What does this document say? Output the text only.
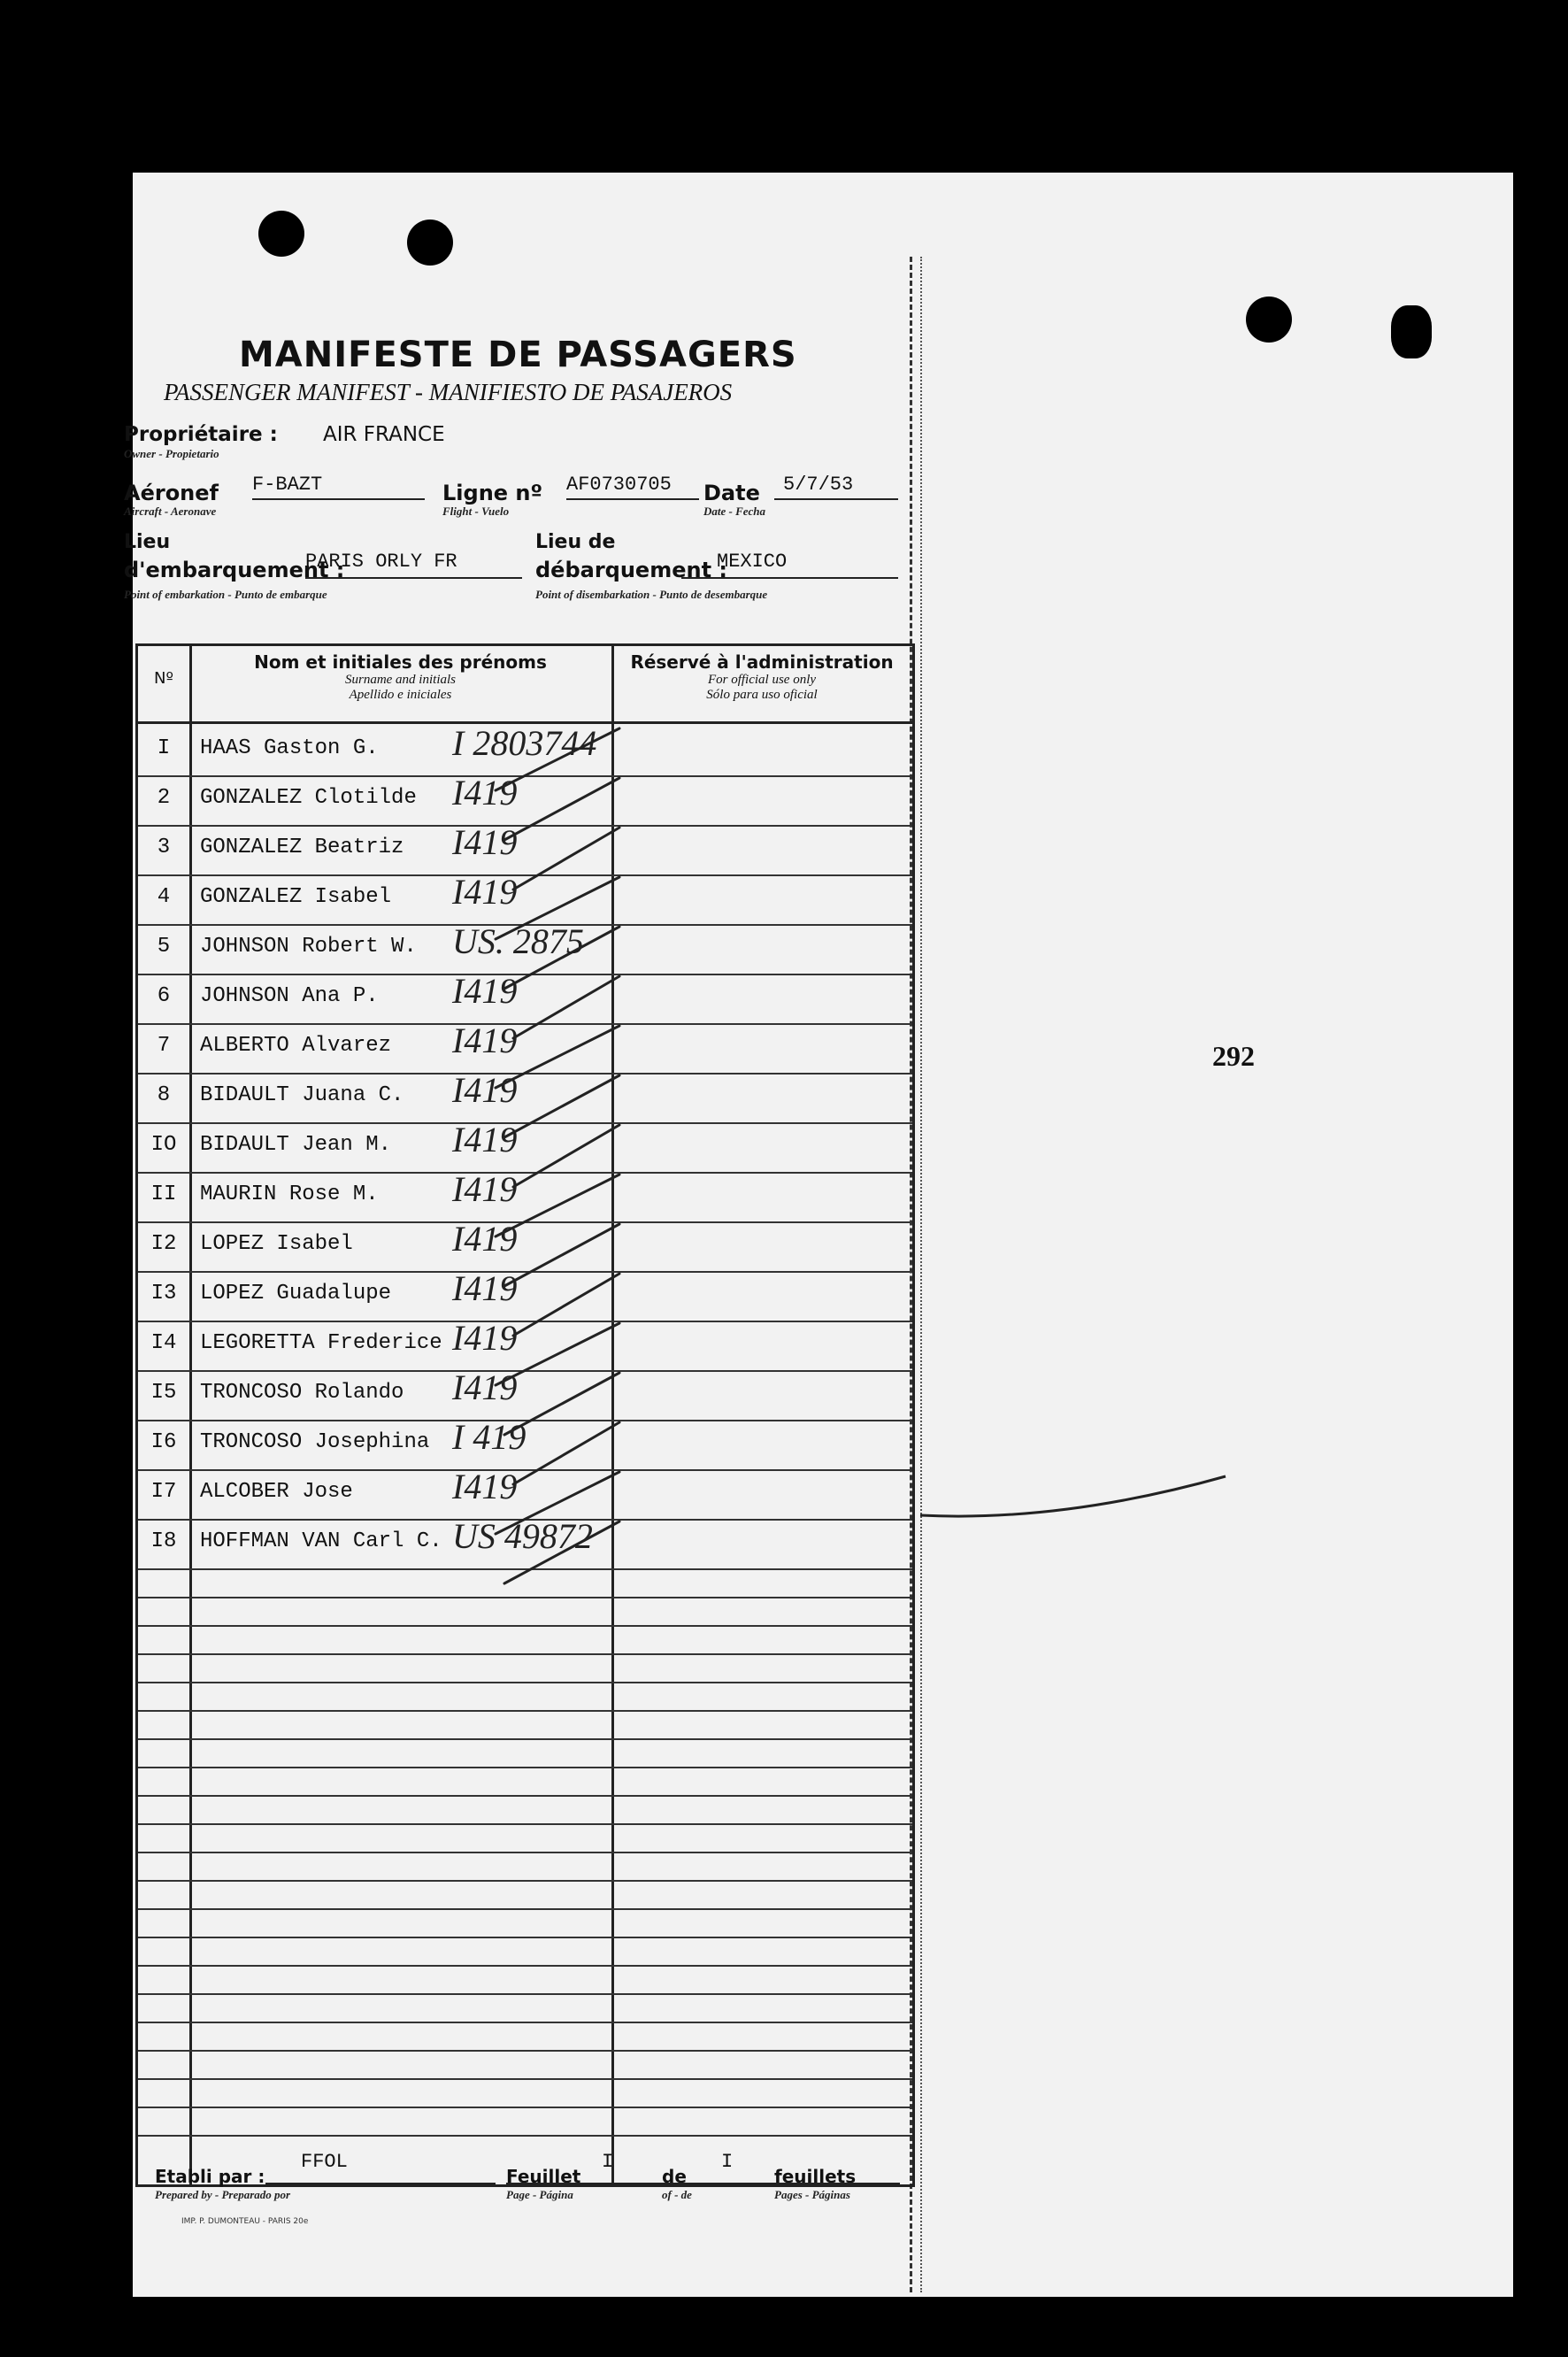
MANIFESTE DE PASSAGERS
PASSENGER MANIFEST - MANIFIESTO DE PASAJEROS
Propriétaire :
Owner - Propietario
AIR FRANCE
Aéronef
Aircraft - Aeronave
F-BAZT	Ligne nº
Flight - Vuelo
AF0730705 Date
Date - Fecha
5/7/53
Lieu
d'embarquement :
Point of embarkation - Punto de embarque
PARIS ORLY FR
Lieu de
débarquement :
Point of disembarkation - Punto de desembarque
MEXICO
Nº
Nom et initiales des prénoms
Surname and initials
Apellido e iniciales
Réservé à l'administration
For official use only
Sólo para uso oficial
I	HAAS Gaston G. I 2803744
2	GONZALEZ Clotilde I419
3	GONZALEZ Beatriz I419
4	GONZALEZ Isabel I419
5	JOHNSON Robert W. US. 2875
6	JOHNSON Ana P. I419
7	ALBERTO Alvarez I419
8	BIDAULT Juana C. I419
IO	BIDAULT Jean M. I419
II	MAURIN Rose M. I419
I2	LOPEZ Isabel	I419
I3	LOPEZ Guadalupe I419
I4	LEGORETTA Frederice I419
I5	TRONCOSO Rolando I419
I6	TRONCOSO Josephina I 419
I7	ALCOBER Jose	I419
I8	HOFFMAN VAN Carl C. US 49872
292
Etabli par :
Prepared by - Preparado por
FFOL
Feuillet
Page - Página
I
de
of - de
I
feuillets
Pages - Páginas
IMP. P. DUMONTEAU - PARIS 20e
